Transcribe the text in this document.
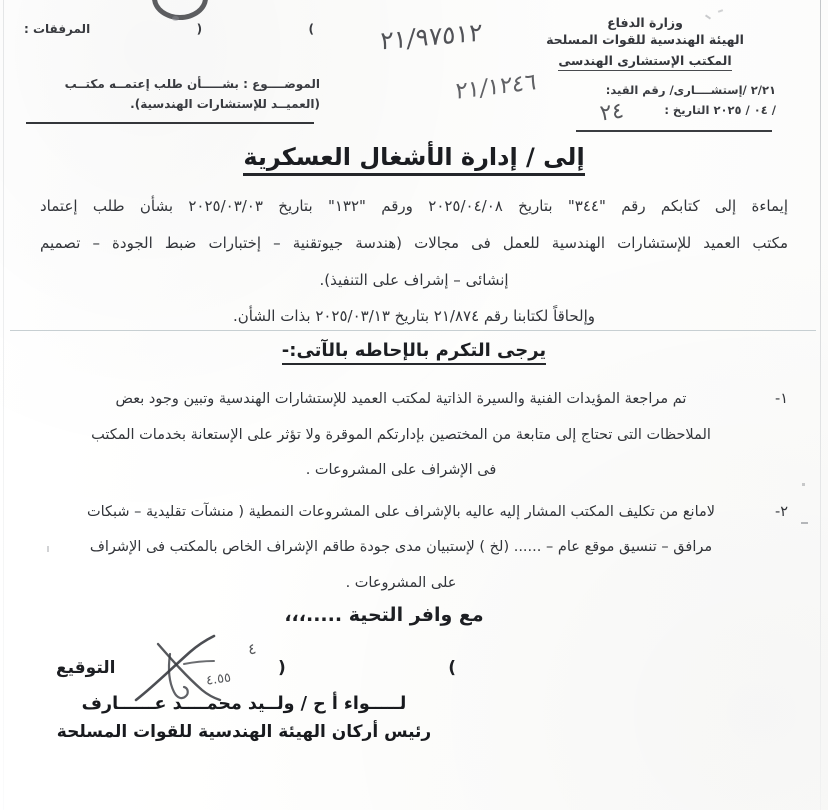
وزارة الدفاع
الهيئة الهندسية للقوات المسلحة
المكتب الإستشارى الهندسى
٢/٢١ /إستشــــارى/ رقم القيد:
/ ٠٤ / ٢٠٢٥ التاريخ :
٢١/٩٧٥١٢
٢١/١٢٤٦
٢٤
المرفقات :	(	)
الموضــــوع : بشـــــأن طلب إعتمــه مكتــب (العميــد للإستشارات الهندسية).
إلى / إدارة الأشغال العسكرية

إيماءة إلى كتابكم رقم "٣٤٤" بتاريخ ٢٠٢٥/٠٤/٠٨ ورقم "١٣٢" بتاريخ ٢٠٢٥/٠٣/٠٣ بشأن طلب إعتماد

مكتب العميد للإستشارات الهندسية للعمل فى مجالات (هندسة جيوتقنية – إختبارات ضبط الجودة – تصميم

إنشائى – إشراف على التنفيذ).

وإلحاقاً لكتابنا رقم ٢١/٨٧٤ بتاريخ ٢٠٢٥/٠٣/١٣ بذات الشأن.

يرجى التكرم بالإحاطه بالآتى:-
١-
تم مراجعة المؤيدات الفنية والسيرة الذاتية لمكتب العميد للإستشارات الهندسية وتبين وجود بعض
الملاحظات التى تحتاج إلى متابعة من المختصين بإدارتكم الموقرة ولا تؤثر على الإستعانة بخدمات المكتب
فى الإشراف على المشروعات .
٢-
لامانع من تكليف المكتب المشار إليه عاليه بالإشراف على المشروعات النمطية ( منشآت تقليدية – شبكات
مرافق – تنسيق موقع عام – ...... (لخ ) لإستبيان مدى جودة طاقم الإشراف الخاص بالمكتب فى الإشراف
على المشروعات .
مع وافر التحية .....،،،
التوقيع	(	)
٤
٤.٥٥
لـــــواء أ ح / ولــيد محمــــد عــــــارف
رئيس أركان الهيئة الهندسية للقوات المسلحة
